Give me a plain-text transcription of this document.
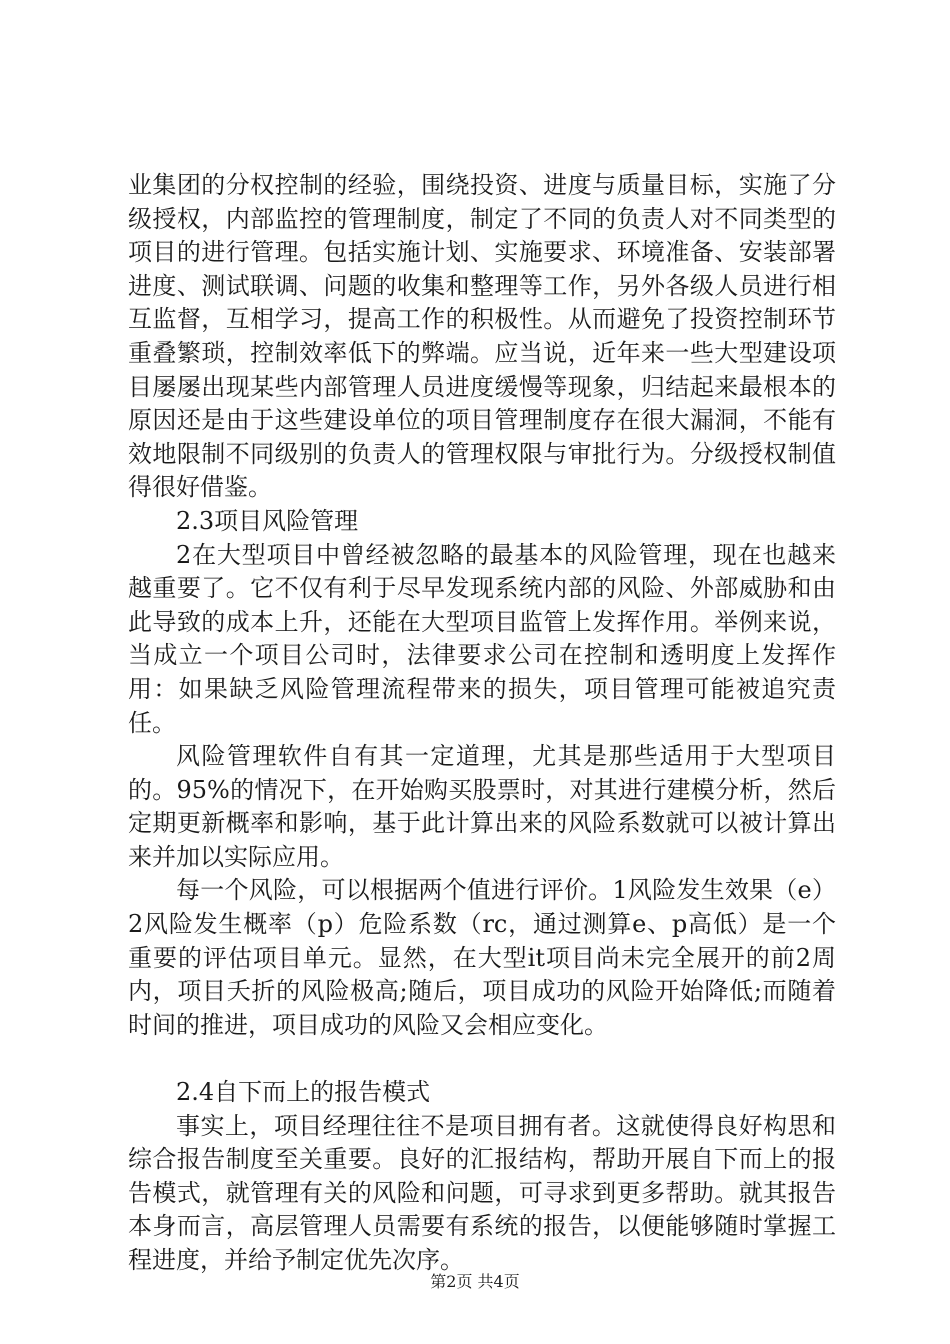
业集团的分权控制的经验，围绕投资、进度与质量目标，实施了分级授权，内部监控的管理制度，制定了不同的负责人对不同类型的项目的进行管理。包括实施计划、实施要求、环境准备、安装部署进度、测试联调、问题的收集和整理等工作，另外各级人员进行相互监督，互相学习，提高工作的积极性。从而避免了投资控制环节重叠繁琐，控制效率低下的弊端。应当说，近年来一些大型建设项目屡屡出现某些内部管理人员进度缓慢等现象，归结起来最根本的原因还是由于这些建设单位的项目管理制度存在很大漏洞，不能有效地限制不同级别的负责人的管理权限与审批行为。分级授权制值得很好借鉴。

2.3项目风险管理

2在大型项目中曾经被忽略的最基本的风险管理，现在也越来越重要了。它不仅有利于尽早发现系统内部的风险、外部威胁和由此导致的成本上升，还能在大型项目监管上发挥作用。举例来说，当成立一个项目公司时，法律要求公司在控制和透明度上发挥作用：如果缺乏风险管理流程带来的损失，项目管理可能被追究责任。

风险管理软件自有其一定道理，尤其是那些适用于大型项目的。95%的情况下，在开始购买股票时，对其进行建模分析，然后定期更新概率和影响，基于此计算出来的风险系数就可以被计算出来并加以实际应用。

每一个风险，可以根据两个值进行评价。1风险发生效果（e）2风险发生概率（p）危险系数（rc，通过测算e、p高低）是一个重要的评估项目单元。显然，在大型it项目尚未完全展开的前2周内，项目夭折的风险极高;随后，项目成功的风险开始降低;而随着时间的推进，项目成功的风险又会相应变化。

2.4自下而上的报告模式

事实上，项目经理往往不是项目拥有者。这就使得良好构思和综合报告制度至关重要。良好的汇报结构，帮助开展自下而上的报告模式，就管理有关的风险和问题，可寻求到更多帮助。就其报告本身而言，高层管理人员需要有系统的报告，以便能够随时掌握工程进度，并给予制定优先次序。

第2页 共4页
